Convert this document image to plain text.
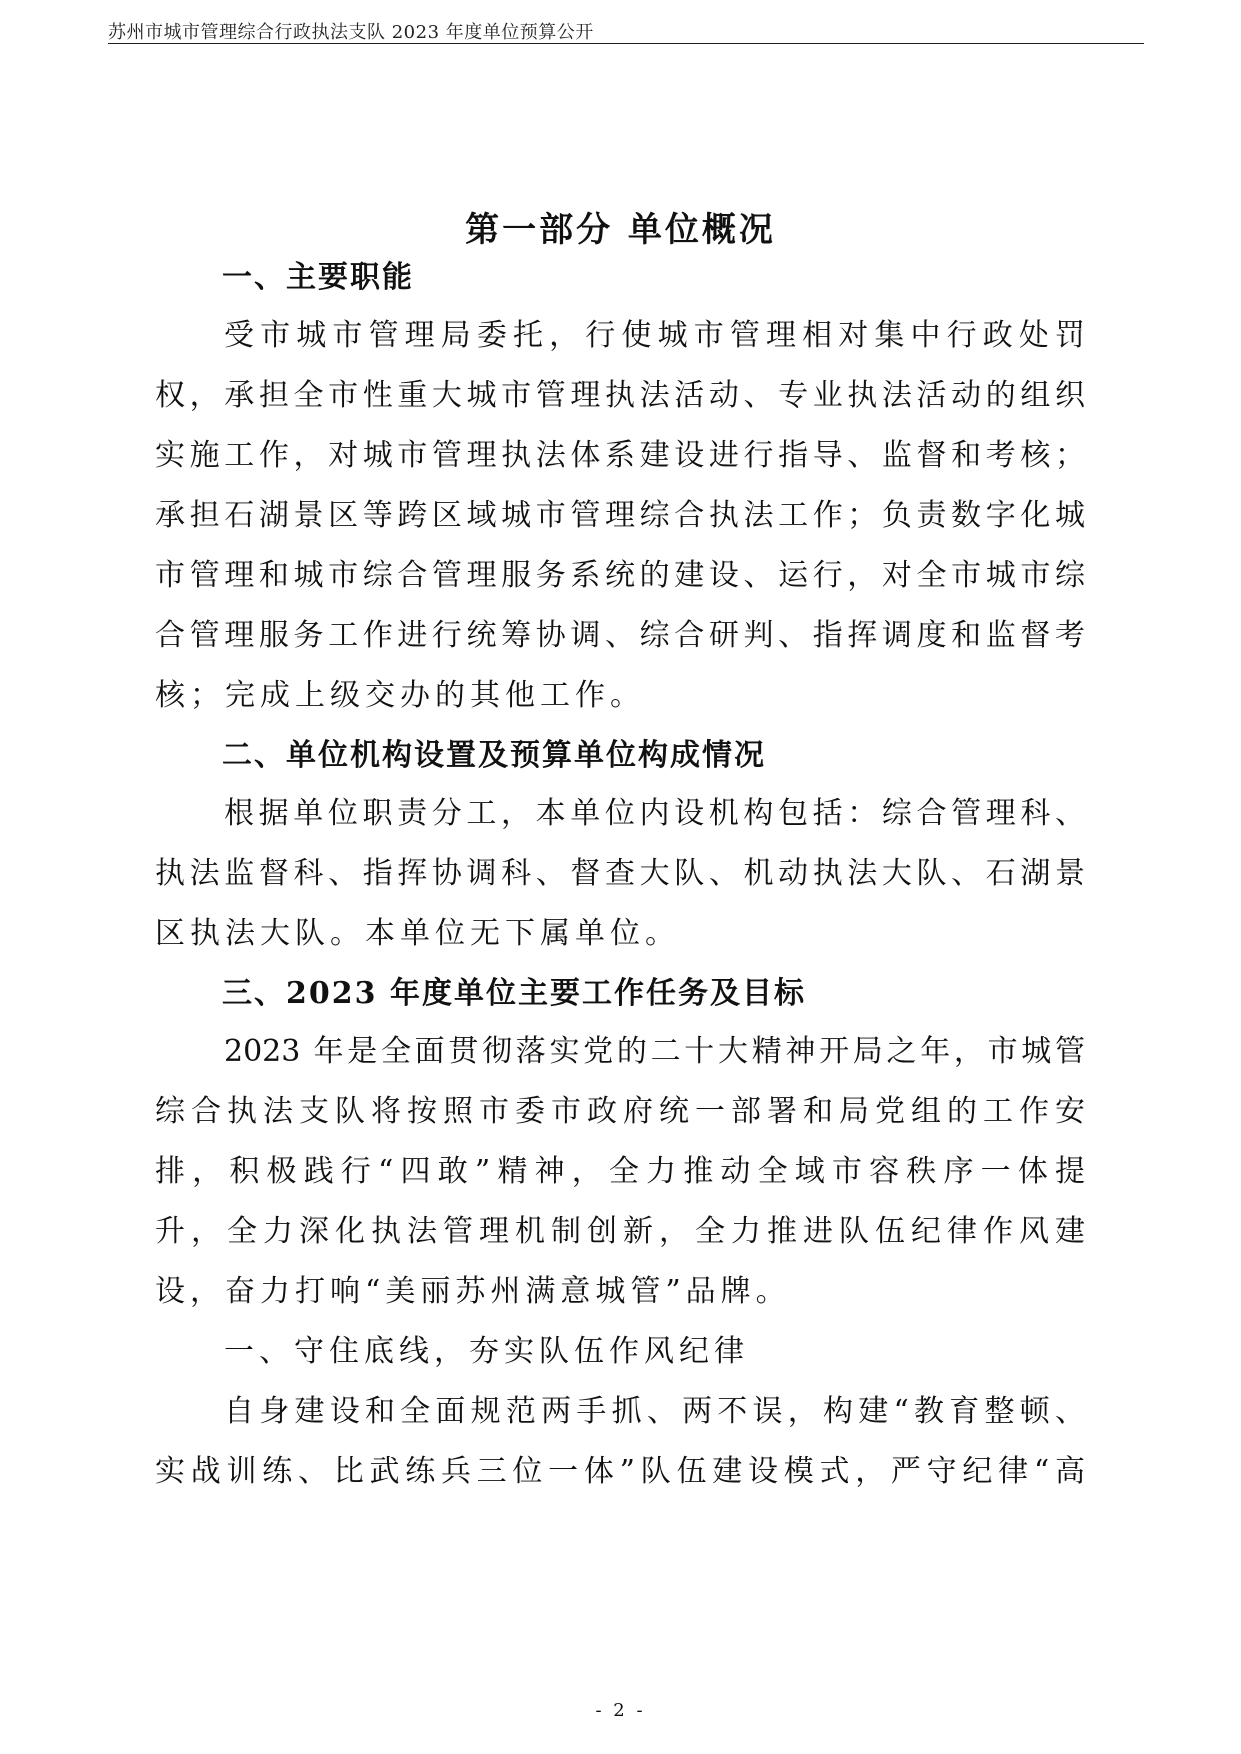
苏州市城市管理综合行政执法支队 2023 年度单位预算公开
第一部分 单位概况
一、主要职能
受市城市管理局委托，行使城市管理相对集中行政处罚
权，承担全市性重大城市管理执法活动、专业执法活动的组织
实施工作，对城市管理执法体系建设进行指导、监督和考核；
承担石湖景区等跨区域城市管理综合执法工作；负责数字化城
市管理和城市综合管理服务系统的建设、运行，对全市城市综
合管理服务工作进行统筹协调、综合研判、指挥调度和监督考
核；完成上级交办的其他工作。
二、单位机构设置及预算单位构成情况
根据单位职责分工，本单位内设机构包括：综合管理科、
执法监督科、指挥协调科、督查大队、机动执法大队、石湖景
区执法大队。本单位无下属单位。
三、2023 年度单位主要工作任务及目标
2023 年是全面贯彻落实党的二十大精神开局之年，市城管
综合执法支队将按照市委市政府统一部署和局党组的工作安
排，积极践行“四敢”精神，全力推动全域市容秩序一体提
升，全力深化执法管理机制创新，全力推进队伍纪律作风建
设，奋力打响“美丽苏州满意城管”品牌。
一、守住底线，夯实队伍作风纪律
自身建设和全面规范两手抓、两不误，构建“教育整顿、
实战训练、比武练兵三位一体”队伍建设模式，严守纪律“高
- 2 -
